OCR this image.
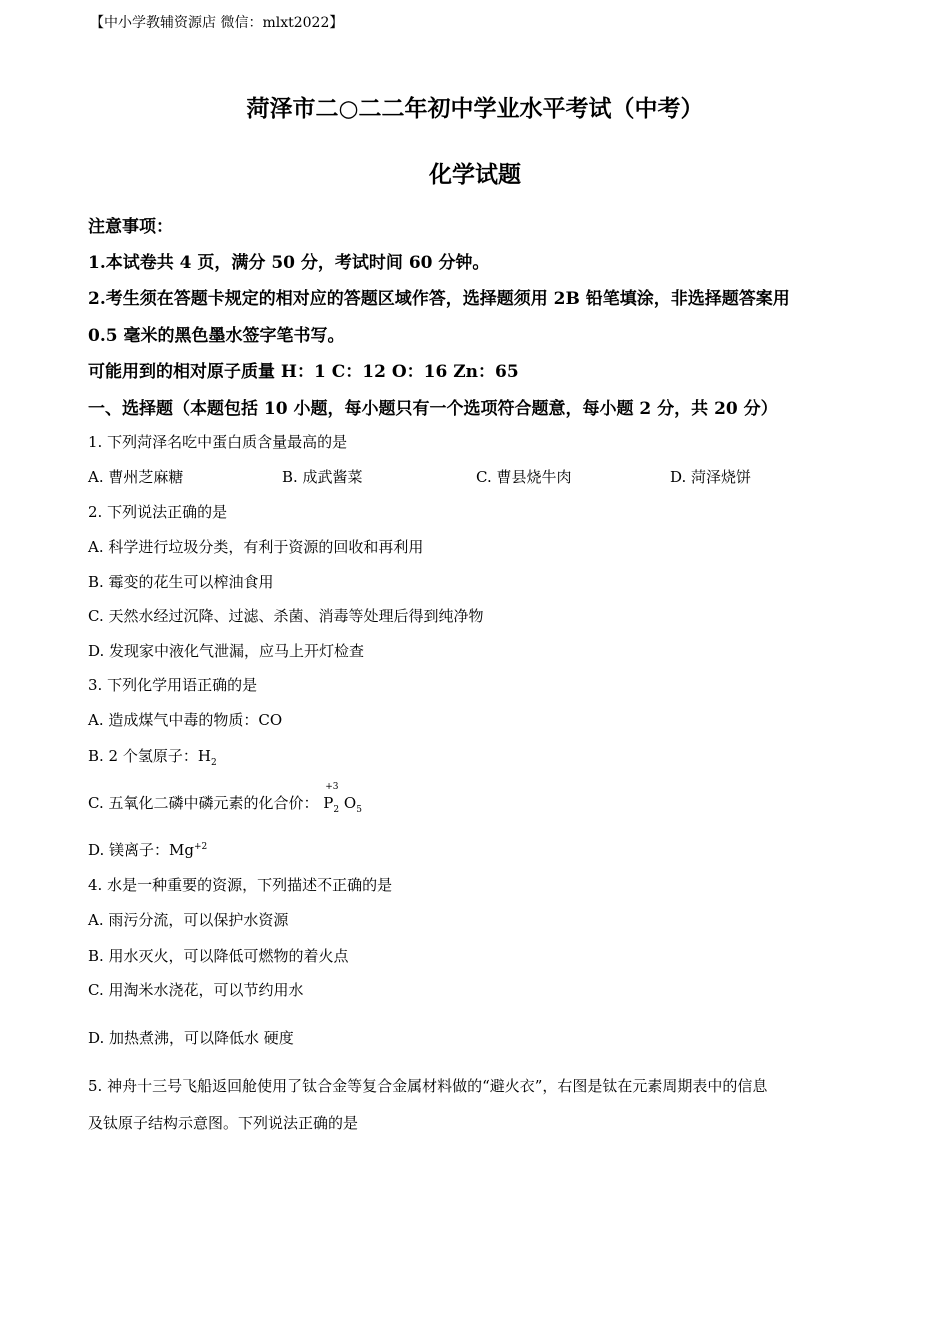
【中小学教辅资源店 微信：mlxt2022】
菏泽市二○二二年初中学业水平考试（中考）
化学试题
注意事项：
1.本试卷共 4 页，满分 50 分，考试时间 60 分钟。
2.考生须在答题卡规定的相对应的答题区域作答，选择题须用 2B 铅笔填涂，非选择题答案用
0.5 毫米的黑色墨水签字笔书写。
可能用到的相对原子质量 H：1 C：12 O：16 Zn：65
一、选择题（本题包括 10 小题，每小题只有一个选项符合题意，每小题 2 分，共 20 分）
1. 下列菏泽名吃中蛋白质含量最高的是
A. 曹州芝麻糖	B. 成武酱菜	C. 曹县烧牛肉	D. 菏泽烧饼
2. 下列说法正确的是
A. 科学进行垃圾分类，有利于资源的回收和再利用
B. 霉变的花生可以榨油食用
C. 天然水经过沉降、过滤、杀菌、消毒等处理后得到纯净物
D. 发现家中液化气泄漏，应马上开灯检查
3. 下列化学用语正确的是
A. 造成煤气中毒的物质：CO
B. 2 个氢原子：$H_2$
C. 五氧化二磷中磷元素的化合价：
+3
$P_2$ $O_5$
D. 镁离子：$Mg^{+2}$
4. 水是一种重要的资源，下列描述不正确的是
A. 雨污分流，可以保护水资源
B. 用水灭火，可以降低可燃物的着火点
C. 用淘米水浇花，可以节约用水
D. 加热煮沸，可以降低水 硬度
5. 神舟十三号飞船返回舱使用了钛合金等复合金属材料做的“避火衣”，右图是钛在元素周期表中的信息
及钛原子结构示意图。下列说法正确的是
